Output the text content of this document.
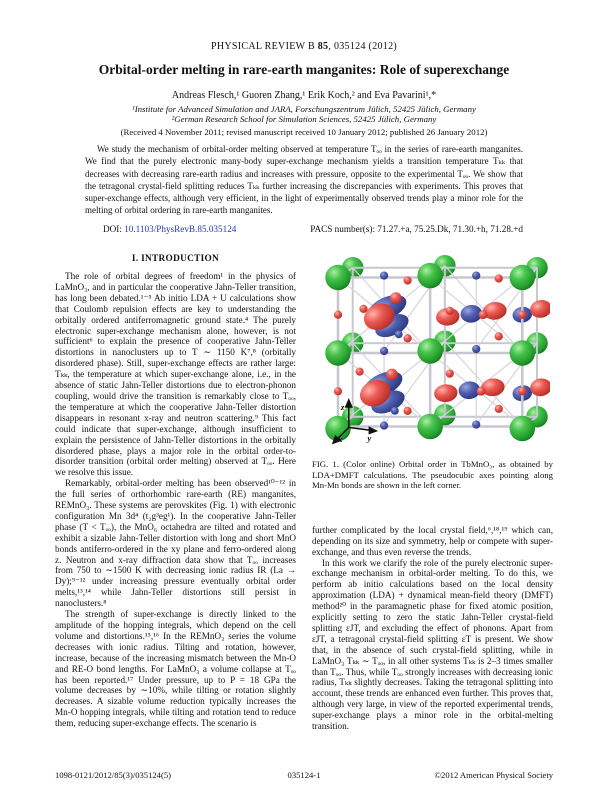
PHYSICAL REVIEW B 85, 035124 (2012)
Orbital-order melting in rare-earth manganites: Role of superexchange
Andreas Flesch,¹ Guoren Zhang,¹ Erik Koch,² and Eva Pavarini¹,*
¹Institute for Advanced Simulation and JARA, Forschungszentrum Jülich, 52425 Jülich, Germany
²German Research School for Simulation Sciences, 52425 Jülich, Germany
(Received 4 November 2011; revised manuscript received 10 January 2012; published 26 January 2012)
We study the mechanism of orbital-order melting observed at temperature Tₒₒ in the series of rare-earth manganites. We find that the purely electronic many-body super-exchange mechanism yields a transition temperature Tₖₖ that decreases with decreasing rare-earth radius and increases with pressure, opposite to the experimental Tₒₒ. We show that the tetragonal crystal-field splitting reduces Tₖₖ further increasing the discrepancies with experiments. This proves that super-exchange effects, although very efficient, in the light of experimentally observed trends play a minor role for the melting of orbital ordering in rare-earth manganites.
DOI: 10.1103/PhysRevB.85.035124	PACS number(s): 71.27.+a, 75.25.Dk, 71.30.+h, 71.28.+d
I. INTRODUCTION

The role of orbital degrees of freedom¹ in the physics of LaMnO₃, and in particular the cooperative Jahn-Teller transition, has long been debated.¹⁻⁵ Ab initio LDA + U calculations show that Coulomb repulsion effects are key to understanding the orbitally ordered antiferromagnetic ground state.⁴ The purely electronic super-exchange mechanism alone, however, is not sufficient⁶ to explain the presence of cooperative Jahn-Teller distortions in nanoclusters up to T ∼ 1150 K⁷,⁸ (orbitally disordered phase). Still, super-exchange effects are rather large: Tₖₖ, the temperature at which super-exchange alone, i.e., in the absence of static Jahn-Teller distortions due to electron-phonon coupling, would drive the transition is remarkably close to Tₒₒ, the temperature at which the cooperative Jahn-Teller distortion disappears in resonant x-ray and neutron scattering.⁹ This fact could indicate that super-exchange, although insufficient to explain the persistence of Jahn-Teller distortions in the orbitally disordered phase, plays a major role in the orbital order-to-disorder transition (orbital order melting) observed at Tₒₒ. Here we resolve this issue.

Remarkably, orbital-order melting has been observed¹⁰⁻¹² in the full series of orthorhombic rare-earth (RE) manganites, REMnO₃. These systems are perovskites (Fig. 1) with electronic configuration Mn 3d⁴ (t₂g³eg¹). In the cooperative Jahn-Teller phase (T < Tₒₒ), the MnO₆ octahedra are tilted and rotated and exhibit a sizable Jahn-Teller distortion with long and short MnO bonds antiferro-ordered in the xy plane and ferro-ordered along z. Neutron and x-ray diffraction data show that Tₒₒ increases from 750 to ∼1500 K with decreasing ionic radius IR (La → Dy);⁹⁻¹² under increasing pressure eventually orbital order melts,¹³,¹⁴ while Jahn-Teller distortions still persist in nanoclusters.⁸

The strength of super-exchange is directly linked to the amplitude of the hopping integrals, which depend on the cell volume and distortions.¹⁵,¹⁶ In the REMnO₃ series the volume decreases with ionic radius. Tilting and rotation, however, increase, because of the increasing mismatch between the Mn-O and RE-O bond lengths. For LaMnO₃ a volume collapse at Tₒₒ has been reported.¹⁷ Under pressure, up to P = 18 GPa the volume decreases by ∼10%, while tilting or rotation slightly decreases. A sizable volume reduction typically increases the Mn-O hopping integrals, while tilting and rotation tend to reduce them, reducing super-exchange effects. The scenario is

z
y
x
FIG. 1. (Color online) Orbital order in TbMnO₃, as obtained by LDA+DMFT calculations. The pseudocubic axes pointing along Mn-Mn bonds are shown in the left corner.

further complicated by the local crystal field,⁶,¹⁸,¹⁹ which can, depending on its size and symmetry, help or compete with super-exchange, and thus even reverse the trends.

In this work we clarify the role of the purely electronic super-exchange mechanism in orbital-order melting. To do this, we perform ab initio calculations based on the local density approximation (LDA) + dynamical mean-field theory (DMFT) method²⁰ in the paramagnetic phase for fixed atomic position, explicitly setting to zero the static Jahn-Teller crystal-field splitting εJT, and excluding the effect of phonons. Apart from εJT, a tetragonal crystal-field splitting εT is present. We show that, in the absence of such crystal-field splitting, while in LaMnO₃ Tₖₖ ∼ Tₒₒ, in all other systems Tₖₖ is 2–3 times smaller than Tₒₒ. Thus, while Tₒₒ strongly increases with decreasing ionic radius, Tₖₖ slightly decreases. Taking the tetragonal splitting into account, these trends are enhanced even further. This proves that, although very large, in view of the reported experimental trends, super-exchange plays a minor role in the orbital-melting transition.

035124-1
1098-0121/2012/85(3)/035124(5)	©2012 American Physical Society
